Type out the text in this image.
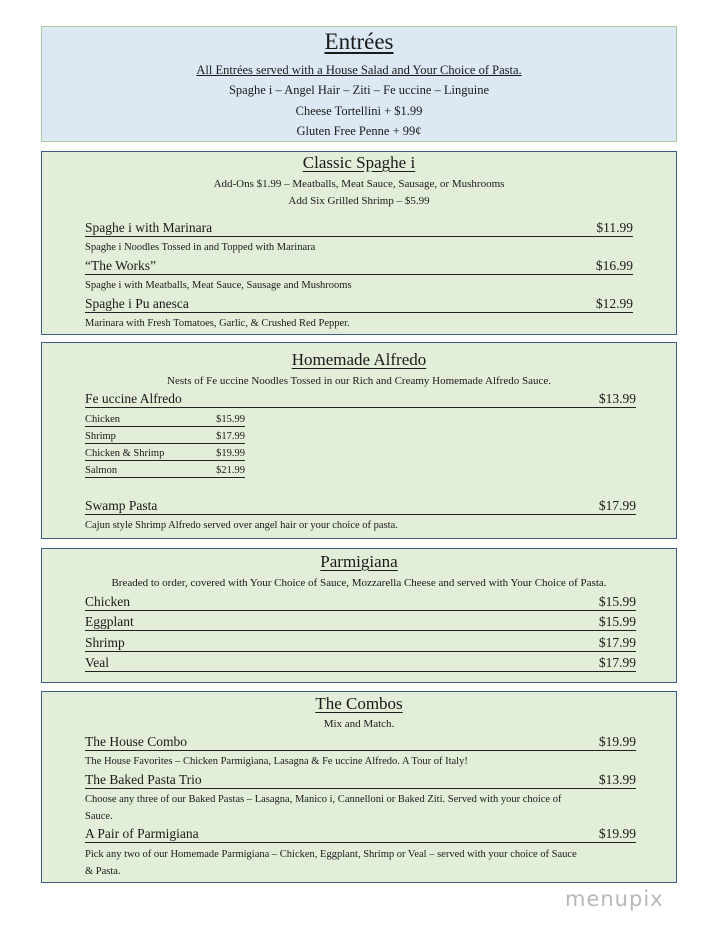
Entrées
All Entrées served with a House Salad and Your Choice of Pasta.
Spaghe i – Angel Hair – Ziti – Fe uccine – Linguine
Cheese Tortellini + $1.99
Gluten Free Penne + 99¢
Classic Spaghe i
Add-Ons $1.99 – Meatballs, Meat Sauce, Sausage, or Mushrooms
Add Six Grilled Shrimp – $5.99
Spaghe i with Marinara	$11.99
Spaghe i Noodles Tossed in and Topped with Marinara
“The Works”	$16.99
Spaghe i with Meatballs, Meat Sauce, Sausage and Mushrooms
Spaghe i Pu anesca	$12.99
Marinara with Fresh Tomatoes, Garlic, & Crushed Red Pepper.
Homemade Alfredo
Nests of Fe uccine Noodles Tossed in our Rich and Creamy Homemade Alfredo Sauce.
Fe uccine Alfredo	$13.99
Chicken	$15.99
Shrimp	$17.99
Chicken & Shrimp	$19.99
Salmon	$21.99
Swamp Pasta	$17.99
Cajun style Shrimp Alfredo served over angel hair or your choice of pasta.
Parmigiana
Breaded to order, covered with Your Choice of Sauce, Mozzarella Cheese and served with Your Choice of Pasta.
Chicken	$15.99
Eggplant	$15.99
Shrimp	$17.99
Veal	$17.99
The Combos
Mix and Match.
The House Combo	$19.99
The House Favorites – Chicken Parmigiana, Lasagna & Fe uccine Alfredo. A Tour of Italy!
The Baked Pasta Trio	$13.99
Choose any three of our Baked Pastas – Lasagna, Manico i, Cannelloni or Baked Ziti. Served with your choice of
Sauce.
A Pair of Parmigiana	$19.99
Pick any two of our Homemade Parmigiana – Chicken, Eggplant, Shrimp or Veal – served with your choice of Sauce
& Pasta.
menupix
